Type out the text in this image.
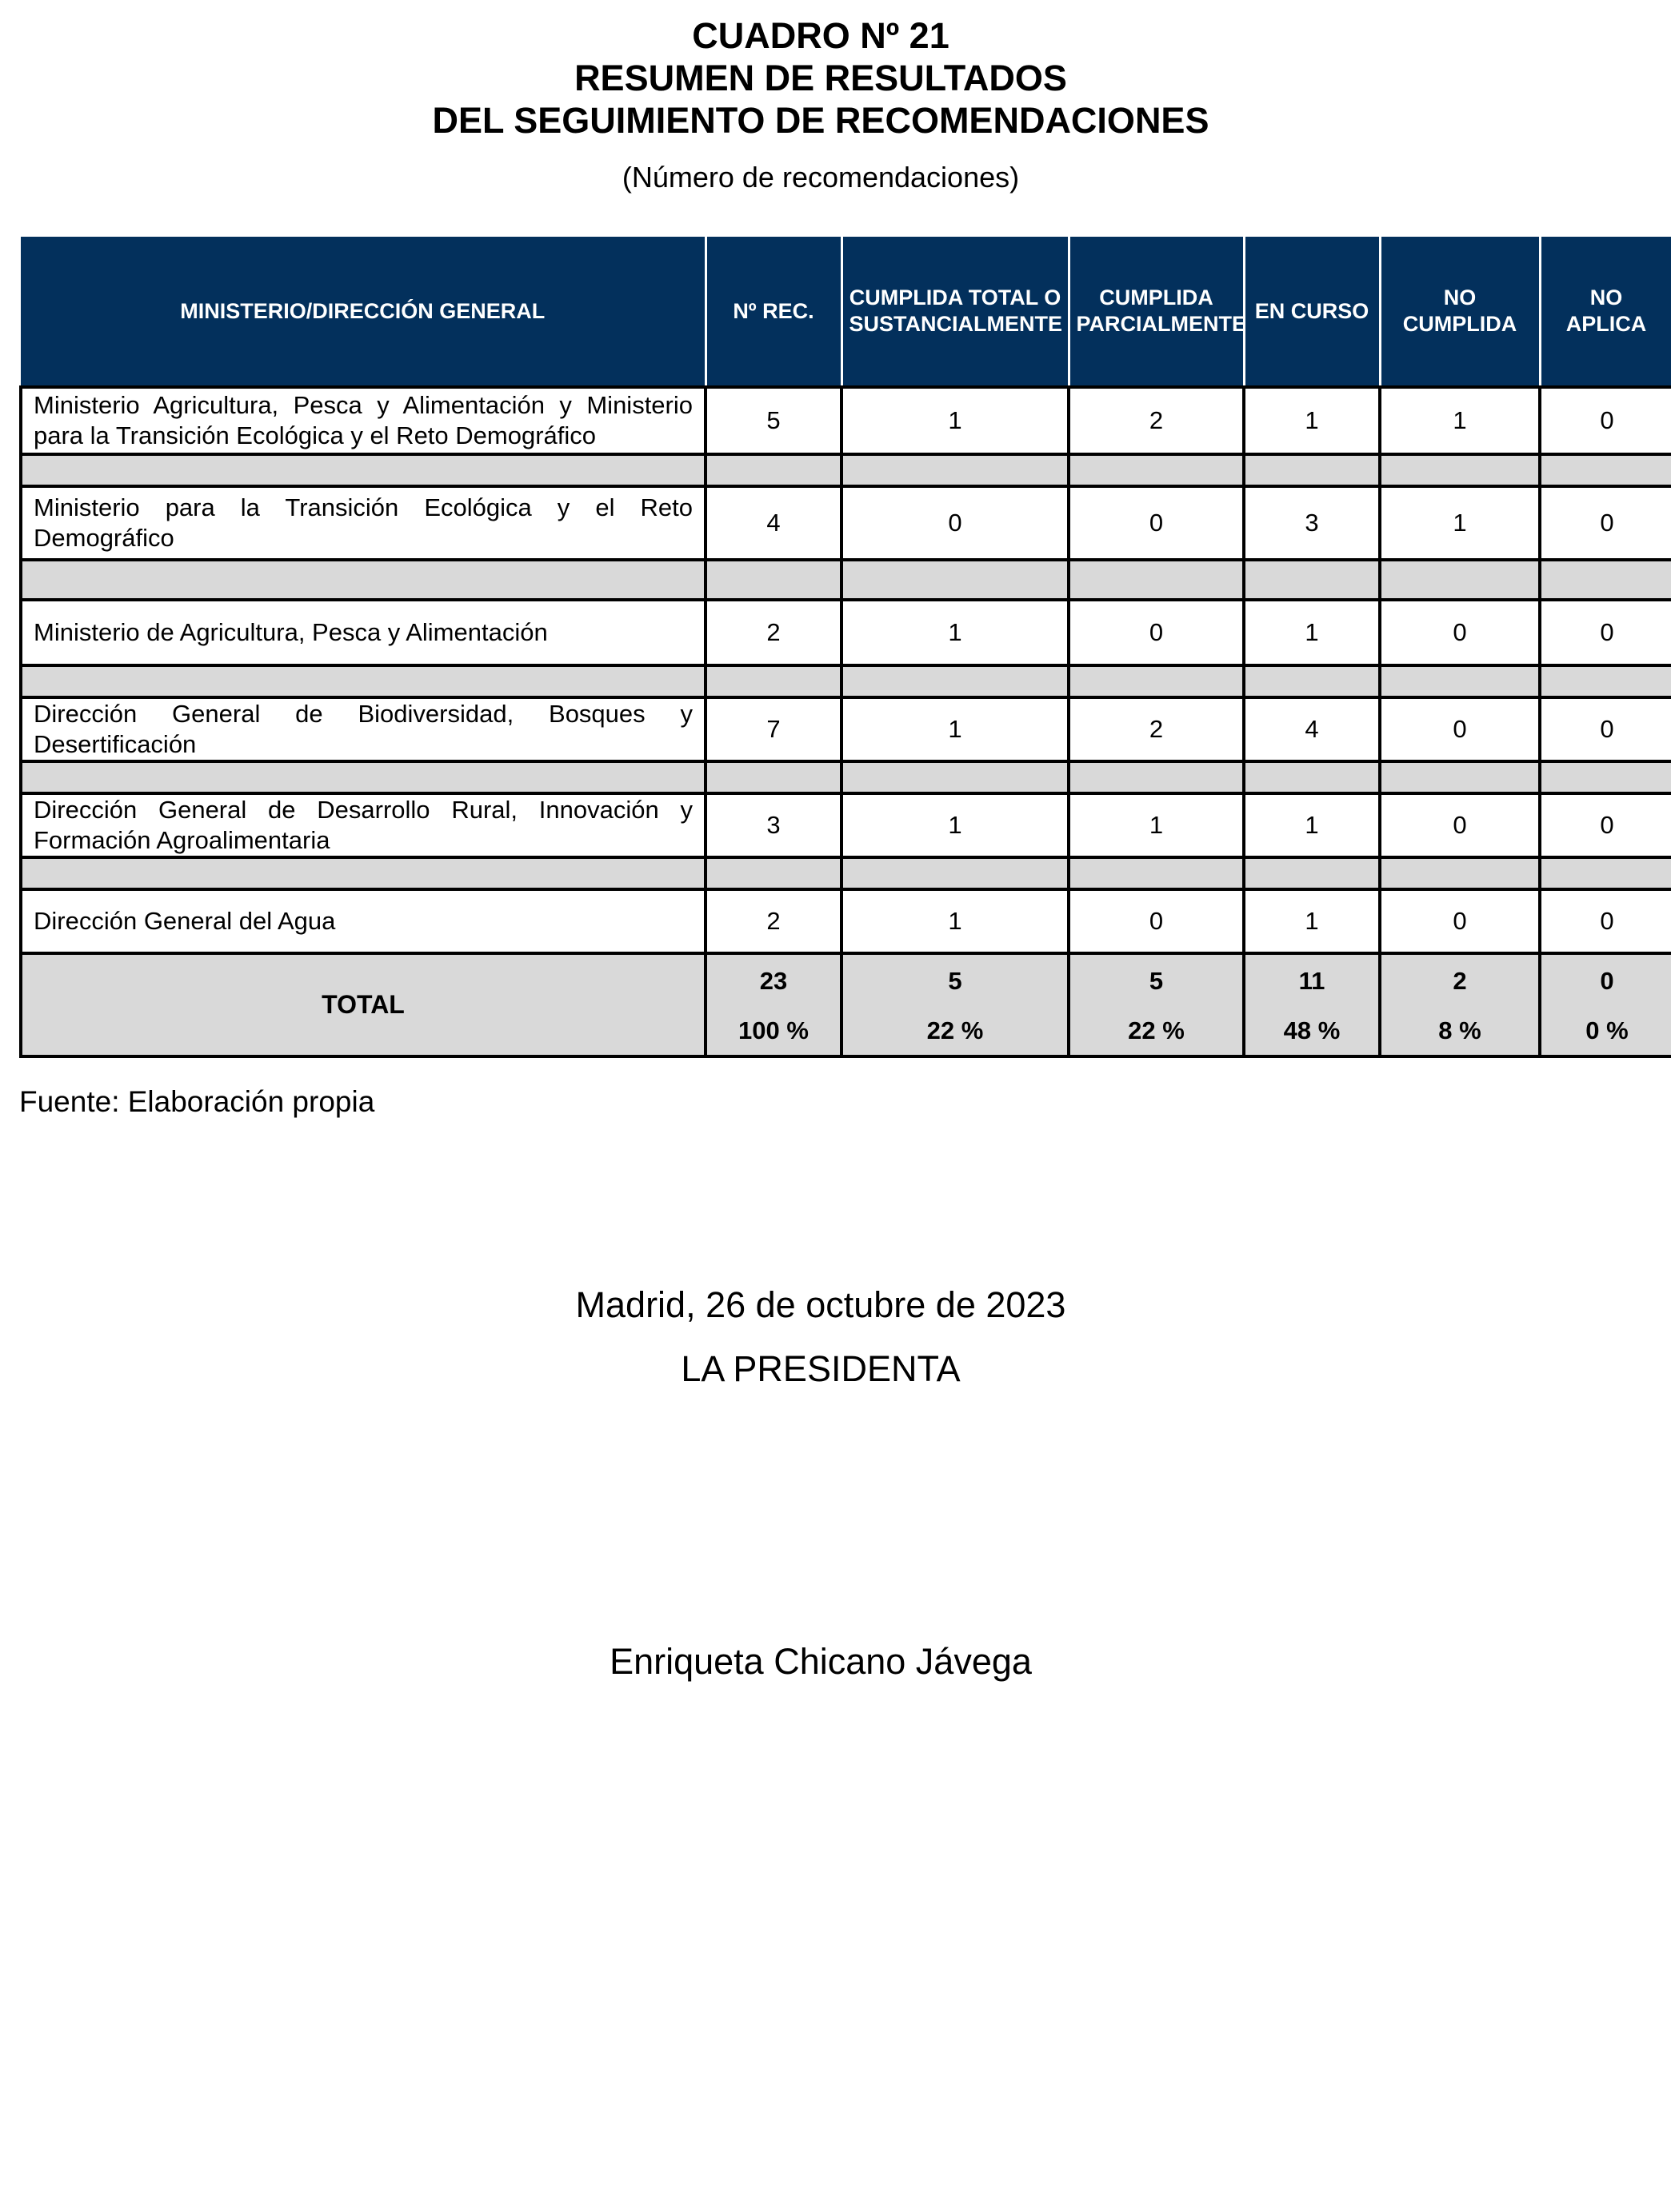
CUADRO Nº 21

RESUMEN DE RESULTADOS

DEL SEGUIMIENTO DE RECOMENDACIONES

(Número de recomendaciones)
MINISTERIO/DIRECCIÓN GENERAL	Nº REC.	CUMPLIDA TOTAL O SUSTANCIALMENTE	CUMPLIDA PARCIALMENTE	EN CURSO	NO CUMPLIDA	NO APLICA
Ministerio Agricultura, Pesca y Alimentación y Ministerio para la Transición Ecológica y el Reto Demográfico	5	1	2	1	1	0

Ministerio para la Transición Ecológica y el Reto Demográfico	4	0	0	3	1	0

Ministerio de Agricultura, Pesca y Alimentación	2	1	0	1	0	0

Dirección General de Biodiversidad, Bosques y Desertificación	7	1	2	4	0	0

Dirección General de Desarrollo Rural, Innovación y Formación Agroalimentaria	3	1	1	1	0	0

Dirección General del Agua	2	1	0	1	0	0
TOTAL	23	5	5	11	2	0
	100 %	22 %	22 %	48 %	8 %	0 %
Fuente: Elaboración propia
Madrid, 26 de octubre de 2023
LA PRESIDENTA
Enriqueta Chicano Jávega
